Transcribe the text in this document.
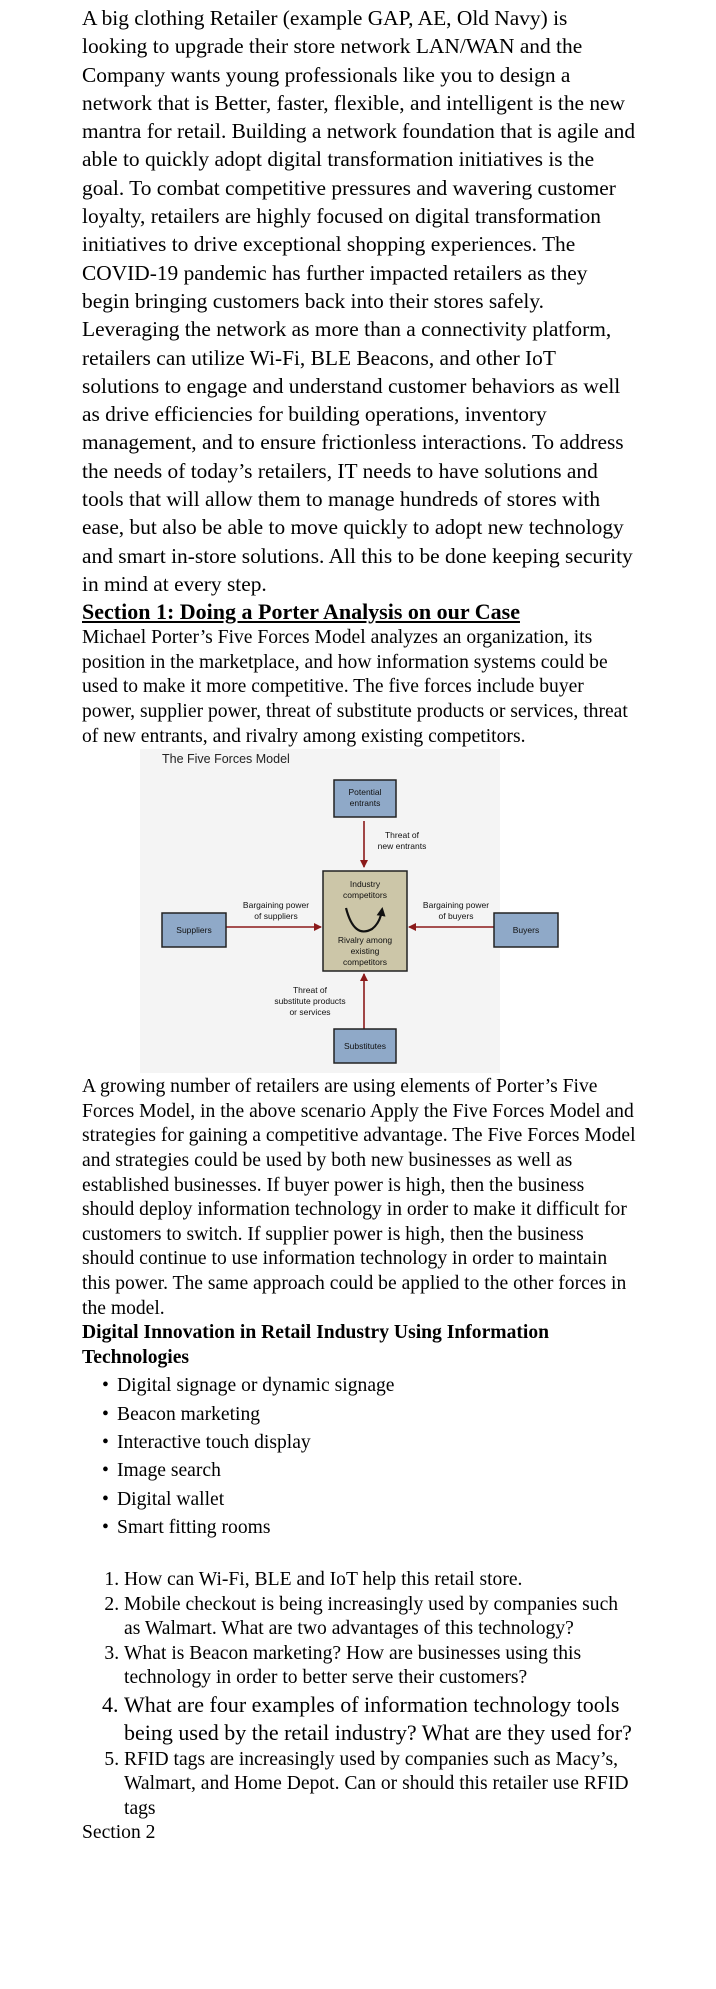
A big clothing Retailer (example GAP, AE, Old Navy) is looking to upgrade their store network LAN/WAN and the Company wants young professionals like you to design a network that is Better, faster, flexible, and intelligent is the new mantra for retail. Building a network foundation that is agile and able to quickly adopt digital transformation initiatives is the goal. To combat competitive pressures and wavering customer loyalty, retailers are highly focused on digital transformation initiatives to drive exceptional shopping experiences. The COVID-19 pandemic has further impacted retailers as they begin bringing customers back into their stores safely. Leveraging the network as more than a connectivity platform, retailers can utilize Wi-Fi, BLE Beacons, and other IoT solutions to engage and understand customer behaviors as well as drive efficiencies for building operations, inventory management, and to ensure frictionless interactions. To address the needs of today’s retailers, IT needs to have solutions and tools that will allow them to manage hundreds of stores with ease, but also be able to move quickly to adopt new technology and smart in-store solutions. All this to be done keeping security in mind at every step.

Section 1: Doing a Porter Analysis on our Case

Michael Porter’s Five Forces Model analyzes an organization, its position in the marketplace, and how information systems could be used to make it more competitive. The five forces include buyer power, supplier power, threat of substitute products or services, threat of new entrants, and rivalry among existing competitors.

The Five Forces Model
Potential
entrants
Threat of
new entrants
Industry
competitors
Rivalry among
existing
competitors
Suppliers
Bargaining power
of suppliers
Buyers
Bargaining power
of buyers
Threat of
substitute products
or services
Substitutes

A growing number of retailers are using elements of Porter’s Five Forces Model, in the above scenario Apply the Five Forces Model and strategies for gaining a competitive advantage. The Five Forces Model and strategies could be used by both new businesses as well as established businesses. If buyer power is high, then the business should deploy information technology in order to make it difficult for customers to switch. If supplier power is high, then the business should continue to use information technology in order to maintain this power. The same approach could be applied to the other forces in the model.

Digital Innovation in Retail Industry Using Information Technologies
• Digital signage or dynamic signage
• Beacon marketing
• Interactive touch display
• Image search
• Digital wallet
• Smart fitting rooms
1. How can Wi-Fi, BLE and IoT help this retail store.
2. Mobile checkout is being increasingly used by companies such as Walmart. What are two advantages of this technology?
3. What is Beacon marketing? How are businesses using this technology in order to better serve their customers?
4. What are four examples of information technology tools being used by the retail industry? What are they used for?
5. RFID tags are increasingly used by companies such as Macy’s, Walmart, and Home Depot. Can or should this retailer use RFID tags

Section 2
